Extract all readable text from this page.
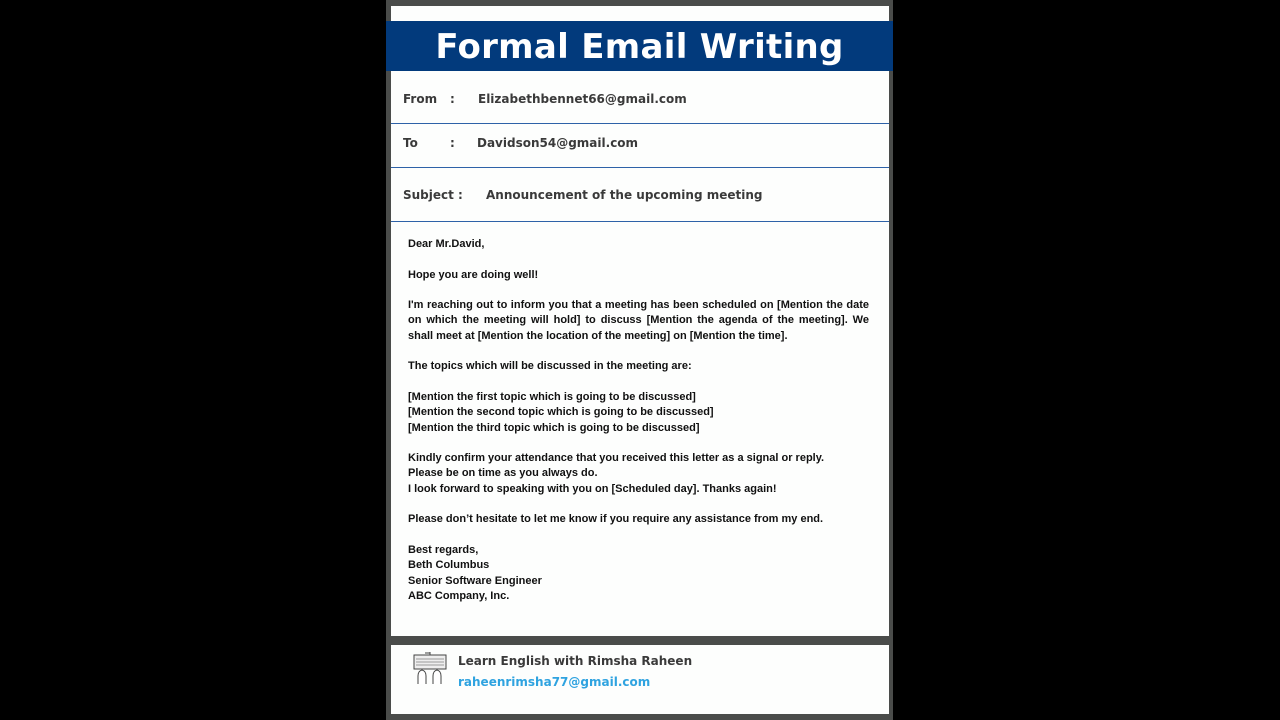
From : Elizabethbennet66@gmail.com
To	: Davidson54@gmail.com
Subject : Announcement of the upcoming meeting

Dear Mr.David,

Hope you are doing well!

I'm reaching out to inform you that a meeting has been scheduled on [Mention the date on which the meeting will hold] to discuss [Mention the agenda of the meeting]. We shall meet at [Mention the location of the meeting] on [Mention the time].

The topics which will be discussed in the meeting are:

[Mention the first topic which is going to be discussed]
[Mention the second topic which is going to be discussed]
[Mention the third topic which is going to be discussed]

Kindly confirm your attendance that you received this letter as a signal or reply.
Please be on time as you always do.
I look forward to speaking with you on [Scheduled day]. Thanks again!

Please don’t hesitate to let me know if you require any assistance from my end.

Best regards,
Beth Columbus
Senior Software Engineer
ABC Company, Inc.

Formal Email Writing
Learn English with Rimsha Raheen
raheenrimsha77@gmail.com
